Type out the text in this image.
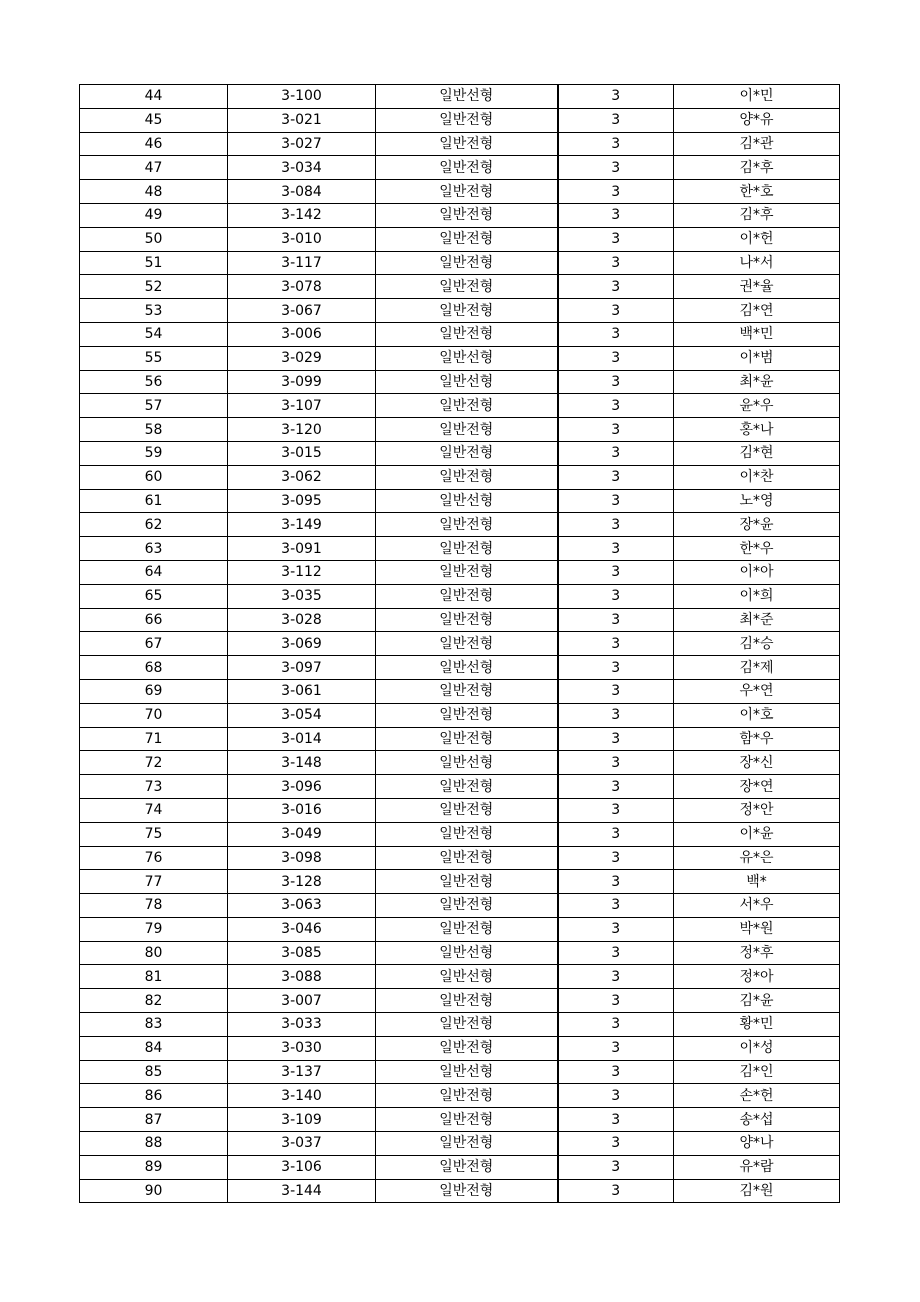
44	3-100	일반선형	3	이*민
45	3-021	일반전형	3	양*유
46	3-027	일반전형	3	김*관
47	3-034	일반전형	3	김*후
48	3-084	일반전형	3	한*호
49	3-142	일반전형	3	김*후
50	3-010	일반전형	3	이*헌
51	3-117	일반전형	3	나*서
52	3-078	일반전형	3	권*율
53	3-067	일반전형	3	김*연
54	3-006	일반전형	3	백*민
55	3-029	일반선형	3	이*범
56	3-099	일반선형	3	최*윤
57	3-107	일반전형	3	윤*우
58	3-120	일반전형	3	홍*나
59	3-015	일반전형	3	김*현
60	3-062	일반전형	3	이*찬
61	3-095	일반선형	3	노*영
62	3-149	일반전형	3	장*윤
63	3-091	일반전형	3	한*우
64	3-112	일반전형	3	이*아
65	3-035	일반전형	3	이*희
66	3-028	일반전형	3	최*준
67	3-069	일반전형	3	김*승
68	3-097	일반선형	3	김*제
69	3-061	일반전형	3	우*연
70	3-054	일반전형	3	이*호
71	3-014	일반전형	3	함*우
72	3-148	일반선형	3	장*신
73	3-096	일반전형	3	장*연
74	3-016	일반전형	3	정*안
75	3-049	일반전형	3	이*윤
76	3-098	일반전형	3	유*은
77	3-128	일반전형	3	백*
78	3-063	일반전형	3	서*우
79	3-046	일반전형	3	박*원
80	3-085	일반선형	3	정*후
81	3-088	일반선형	3	정*아
82	3-007	일반전형	3	김*윤
83	3-033	일반전형	3	황*민
84	3-030	일반전형	3	이*성
85	3-137	일반선형	3	김*인
86	3-140	일반전형	3	손*헌
87	3-109	일반전형	3	송*섭
88	3-037	일반전형	3	양*나
89	3-106	일반전형	3	유*람
90	3-144	일반전형	3	김*원
